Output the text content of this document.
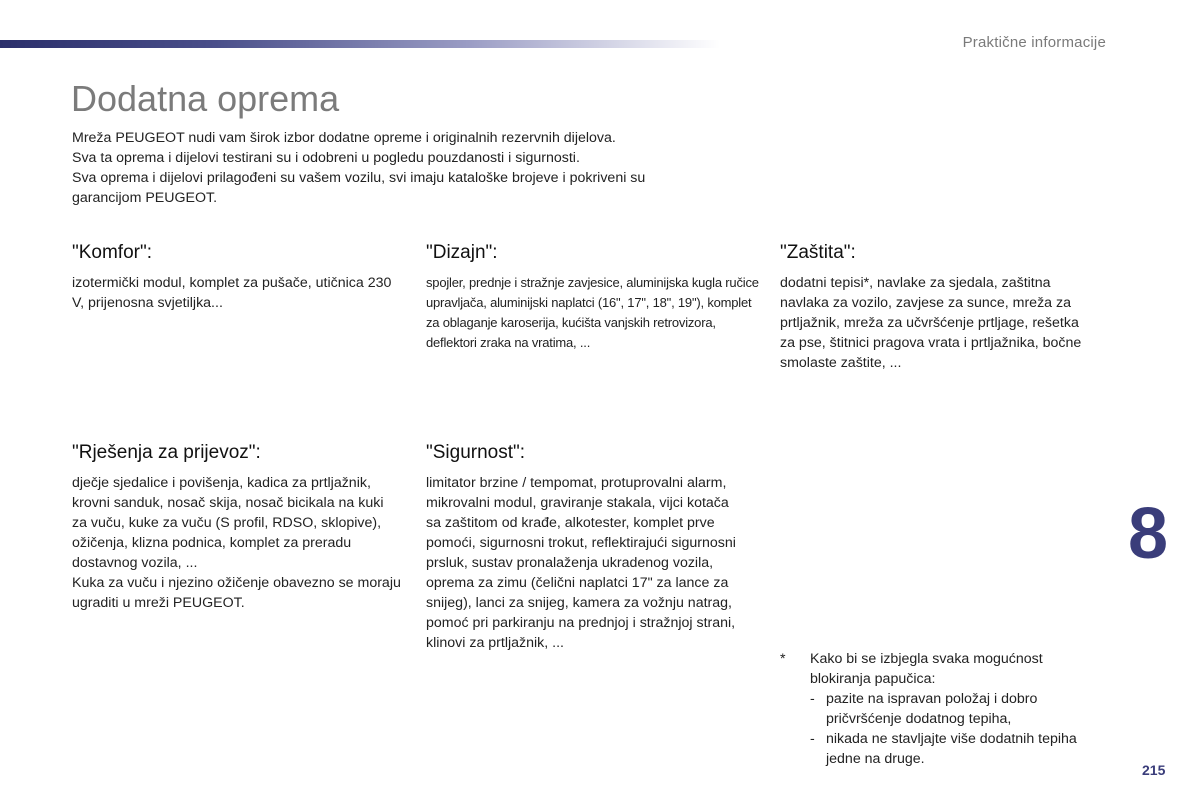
Praktične informacije
Dodatna oprema

Mreža PEUGEOT nudi vam širok izbor dodatne opreme i originalnih rezervnih dijelova.

Sva ta oprema i dijelovi testirani su i odobreni u pogledu pouzdanosti i sigurnosti.

Sva oprema i dijelovi prilagođeni su vašem vozilu, svi imaju kataloške brojeve i pokriveni su garancijom PEUGEOT.

"Komfor":

izotermički modul, komplet za pušače, utičnica 230 V, prijenosna svjetiljka...

"Dizajn":

spojler, prednje i stražnje zavjesice, aluminijska kugla ručice upravljača, aluminijski naplatci (16", 17", 18", 19"), komplet za oblaganje karoserija, kućišta vanjskih retrovizora, deflektori zraka na vratima, ...

"Zaštita":

dodatni tepisi*, navlake za sjedala, zaštitna navlaka za vozilo, zavjese za sunce, mreža za prtljažnik, mreža za učvršćenje prtljage, rešetka za pse, štitnici pragova vrata i prtljažnika, bočne smolaste zaštite, ...

"Rješenja za prijevoz":

dječje sjedalice i povišenja, kadica za prtljažnik, krovni sanduk, nosač skija, nosač bicikala na kuki za vuču, kuke za vuču (S profil, RDSO, sklopive), ožičenja, klizna podnica, komplet za preradu dostavnog vozila, ...

Kuka za vuču i njezino ožičenje obavezno se moraju ugraditi u mreži PEUGEOT.

"Sigurnost":

limitator brzine / tempomat, protuprovalni alarm, mikrovalni modul, graviranje stakala, vijci kotača sa zaštitom od krađe, alkotester, komplet prve pomoći, sigurnosni trokut, reflektirajući sigurnosni prsluk, sustav pronalaženja ukradenog vozila, oprema za zimu (čelični naplatci 17" za lance za snijeg), lanci za snijeg, kamera za vožnju natrag, pomoć pri parkiranju na prednjoj i stražnjoj strani, klinovi za prtljažnik, ...

8
*	Kako bi se izbjegla svaka mogućnost blokiranja papučica:
- pazite na ispravan položaj i dobro pričvršćenje dodatnog tepiha,
- nikada ne stavljajte više dodatnih tepiha jedne na druge.
215
